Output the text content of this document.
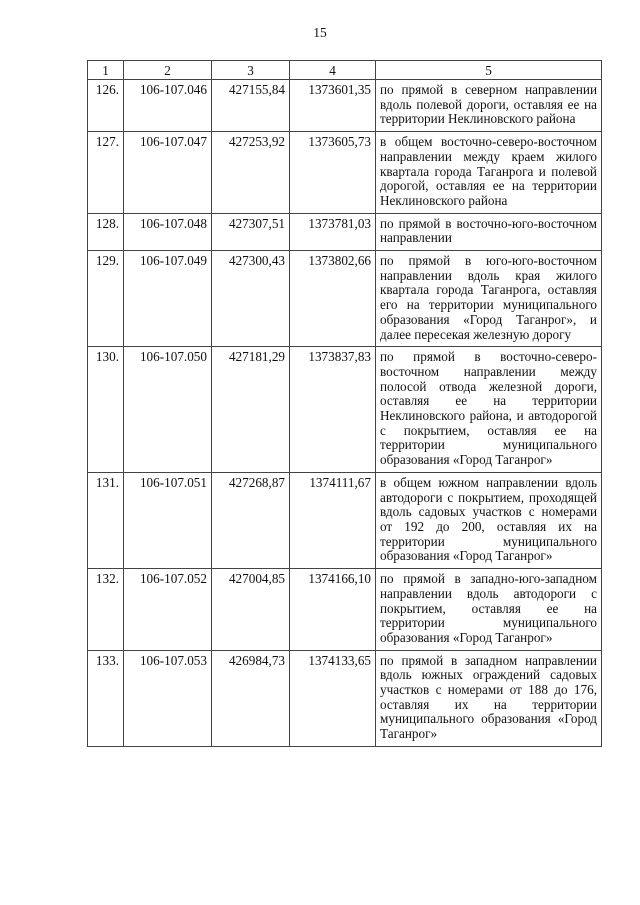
15
1	2	3	4	5
126.	106-107.046	427155,84	1373601,35	по прямой в северном направлении вдоль полевой дороги, оставляя ее на территории Неклиновского района
127.	106-107.047	427253,92	1373605,73	в общем восточно-северо-восточном направлении между краем жилого квартала города Таганрога и полевой дорогой, оставляя ее на территории Неклиновского района
128.	106-107.048	427307,51	1373781,03	по прямой в восточно-юго-восточном направлении
129.	106-107.049	427300,43	1373802,66	по прямой в юго-юго-восточном направлении вдоль края жилого квартала города Таганрога, оставляя его на территории муниципального образования «Город Таганрог», и далее пересекая железную дорогу
130.	106-107.050	427181,29	1373837,83	по прямой в восточно-северо-восточном направлении между полосой отвода железной дороги, оставляя ее на территории Неклиновского района, и автодорогой с покрытием, оставляя ее на территории муниципального образования «Город Таганрог»
131.	106-107.051	427268,87	1374111,67	в общем южном направлении вдоль автодороги с покрытием, проходящей вдоль садовых участков с номерами от 192 до 200, оставляя их на территории муниципального образования «Город Таганрог»
132.	106-107.052	427004,85	1374166,10	по прямой в западно-юго-западном направлении вдоль автодороги с покрытием, оставляя ее на территории муниципального образования «Город Таганрог»
133.	106-107.053	426984,73	1374133,65	по прямой в западном направлении вдоль южных ограждений садовых участков с номерами от 188 до 176, оставляя их на территории муниципального образования «Город Таганрог»
